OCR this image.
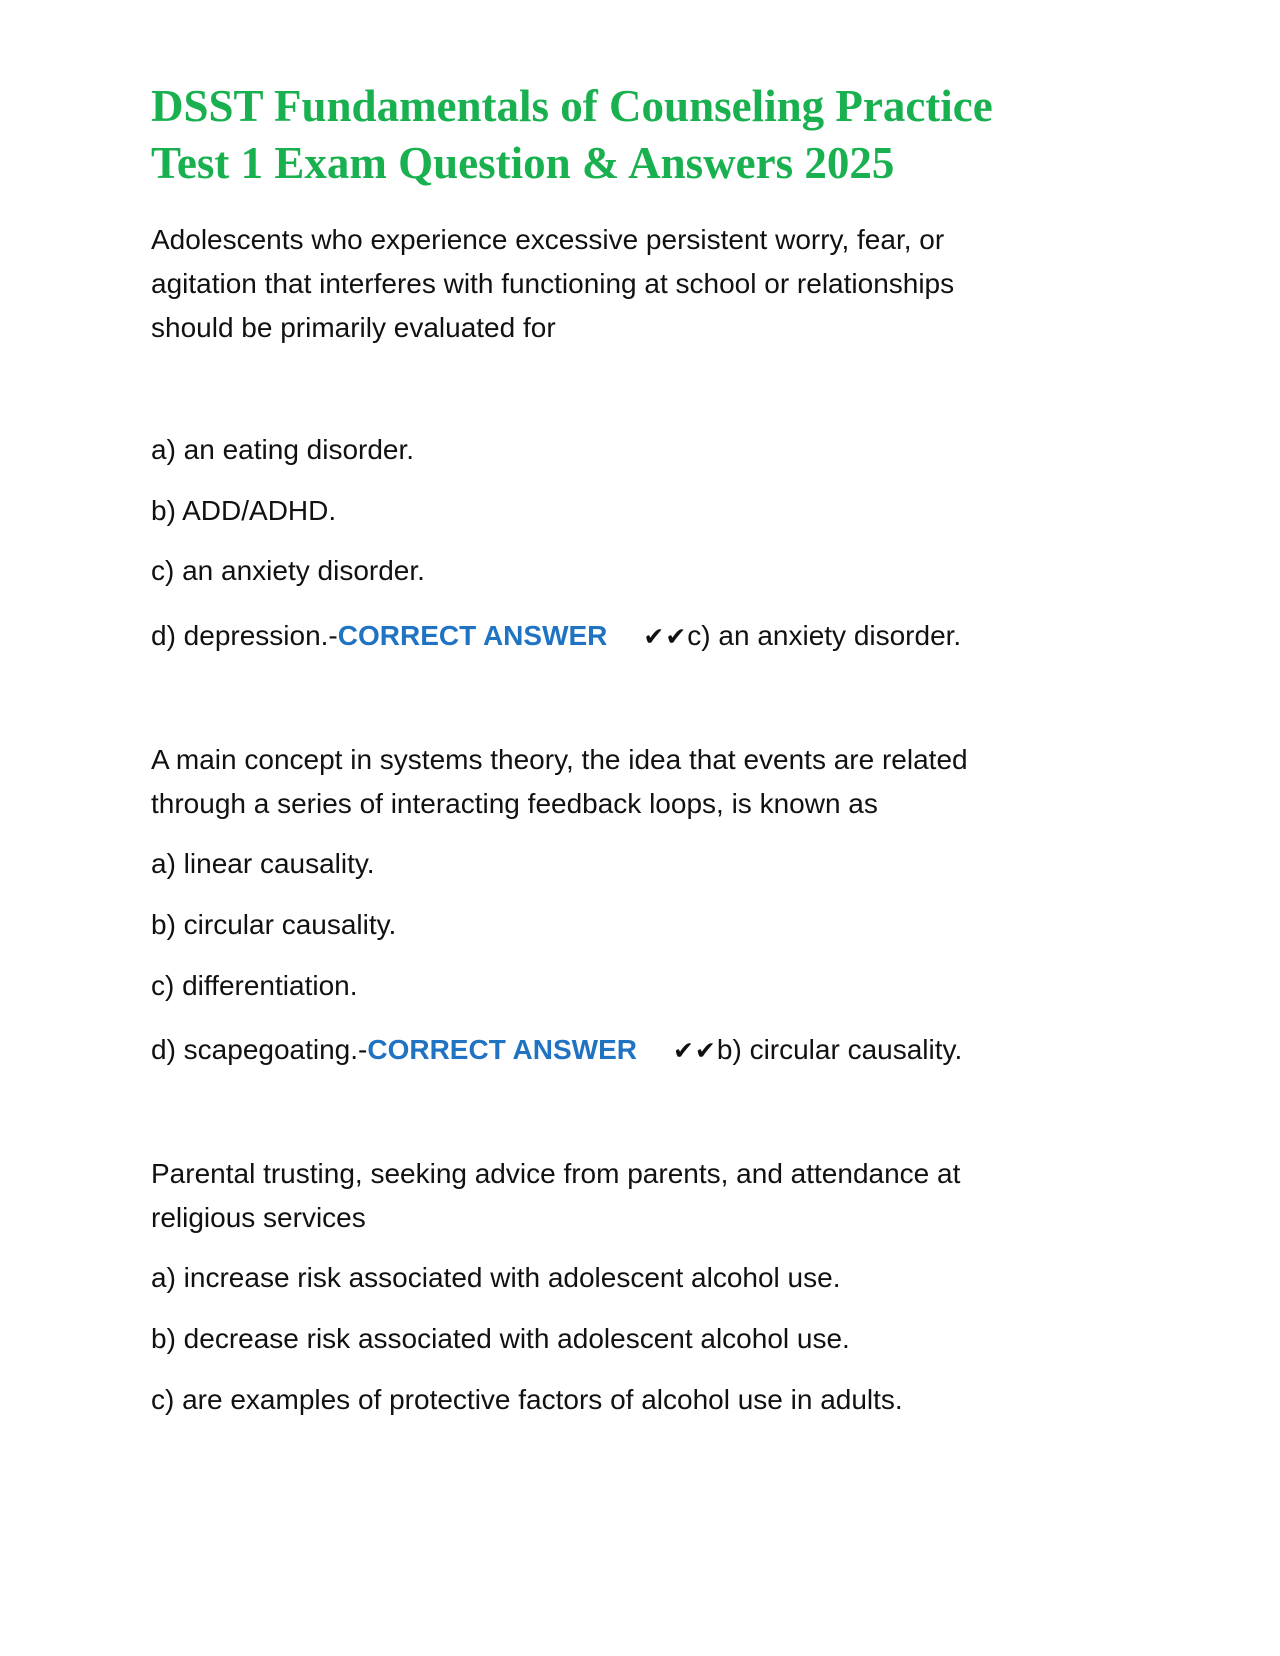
DSST Fundamentals of Counseling Practice
Test 1 Exam Question & Answers 2025

Adolescents who experience excessive persistent worry, fear, or

agitation that interferes with functioning at school or relationships

should be primarily evaluated for

a) an eating disorder.

b) ADD/ADHD.

c) an anxiety disorder.

d) depression.-CORRECT ANSWER ✔✔c) an anxiety disorder.

A main concept in systems theory, the idea that events are related

through a series of interacting feedback loops, is known as

a) linear causality.

b) circular causality.

c) differentiation.

d) scapegoating.-CORRECT ANSWER ✔✔b) circular causality.

Parental trusting, seeking advice from parents, and attendance at

religious services

a) increase risk associated with adolescent alcohol use.

b) decrease risk associated with adolescent alcohol use.

c) are examples of protective factors of alcohol use in adults.
